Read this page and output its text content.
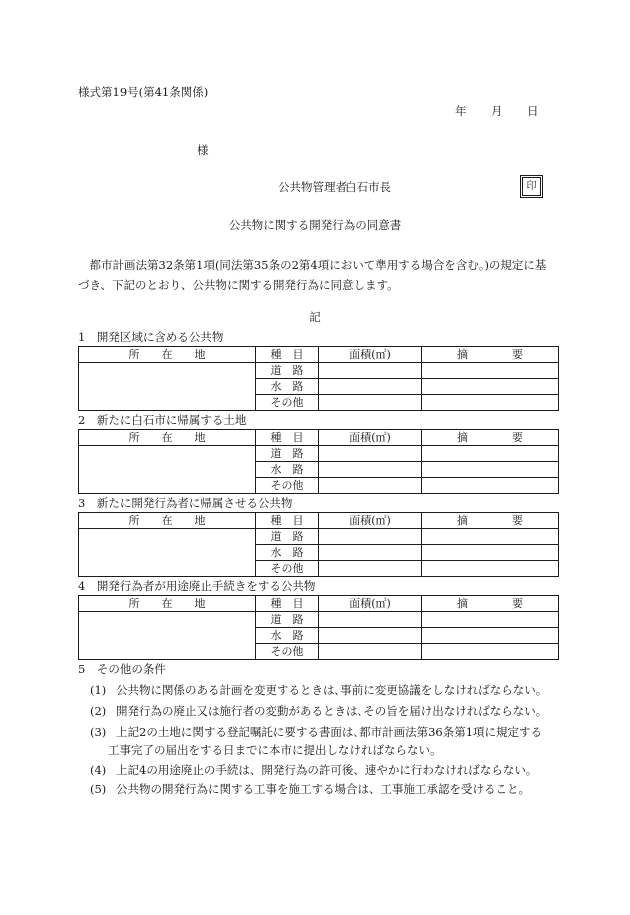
様式第19号(第41条関係)
年 月 日
様
公共物管理者
白石市長	印
公共物に関する開発行為の同意書
都市計画法第32条第1項(同法第35条の2第4項において準用する場合を含む。)の規定に基づき、下記のとおり、公共物に関する開発行為に同意します。
記
1　 開発区域に含める公共物
所　　在　　地	種　目	面積(㎡)	摘　　　　要
	道　路		
	水　路		
	その他		
2　 新たに白石市に帰属する土地
所　　在　　地	種　目	面積(㎡)	摘　　　　要
	道　路		
	水　路		
	その他		
3　 新たに開発行為者に帰属させる公共物
所　　在　　地	種　目	面積(㎡)	摘　　　　要
	道　路		
	水　路		
	その他		
4　 開発行為者が用途廃止手続きをする公共物
所　　在　　地	種　目	面積(㎡)	摘　　　　要
	道　路		
	水　路		
	その他		
5　 その他の条件
(1) 公共物に関係のある計画を変更するときは､事前に変更協議をしなければならない。
(2) 開発行為の廃止又は施行者の変動があるときは､その旨を届け出なければならない。
(3) 上記2の土地に関する登記嘱託に要する書面は､都市計画法第36条第1項に規定する
工事完了の届出をする日までに本市に提出しなければならない。
(4) 上記4の用途廃止の手続は、開発行為の許可後、速やかに行わなければならない。
(5) 公共物の開発行為に関する工事を施工する場合は、工事施工承認を受けること。
